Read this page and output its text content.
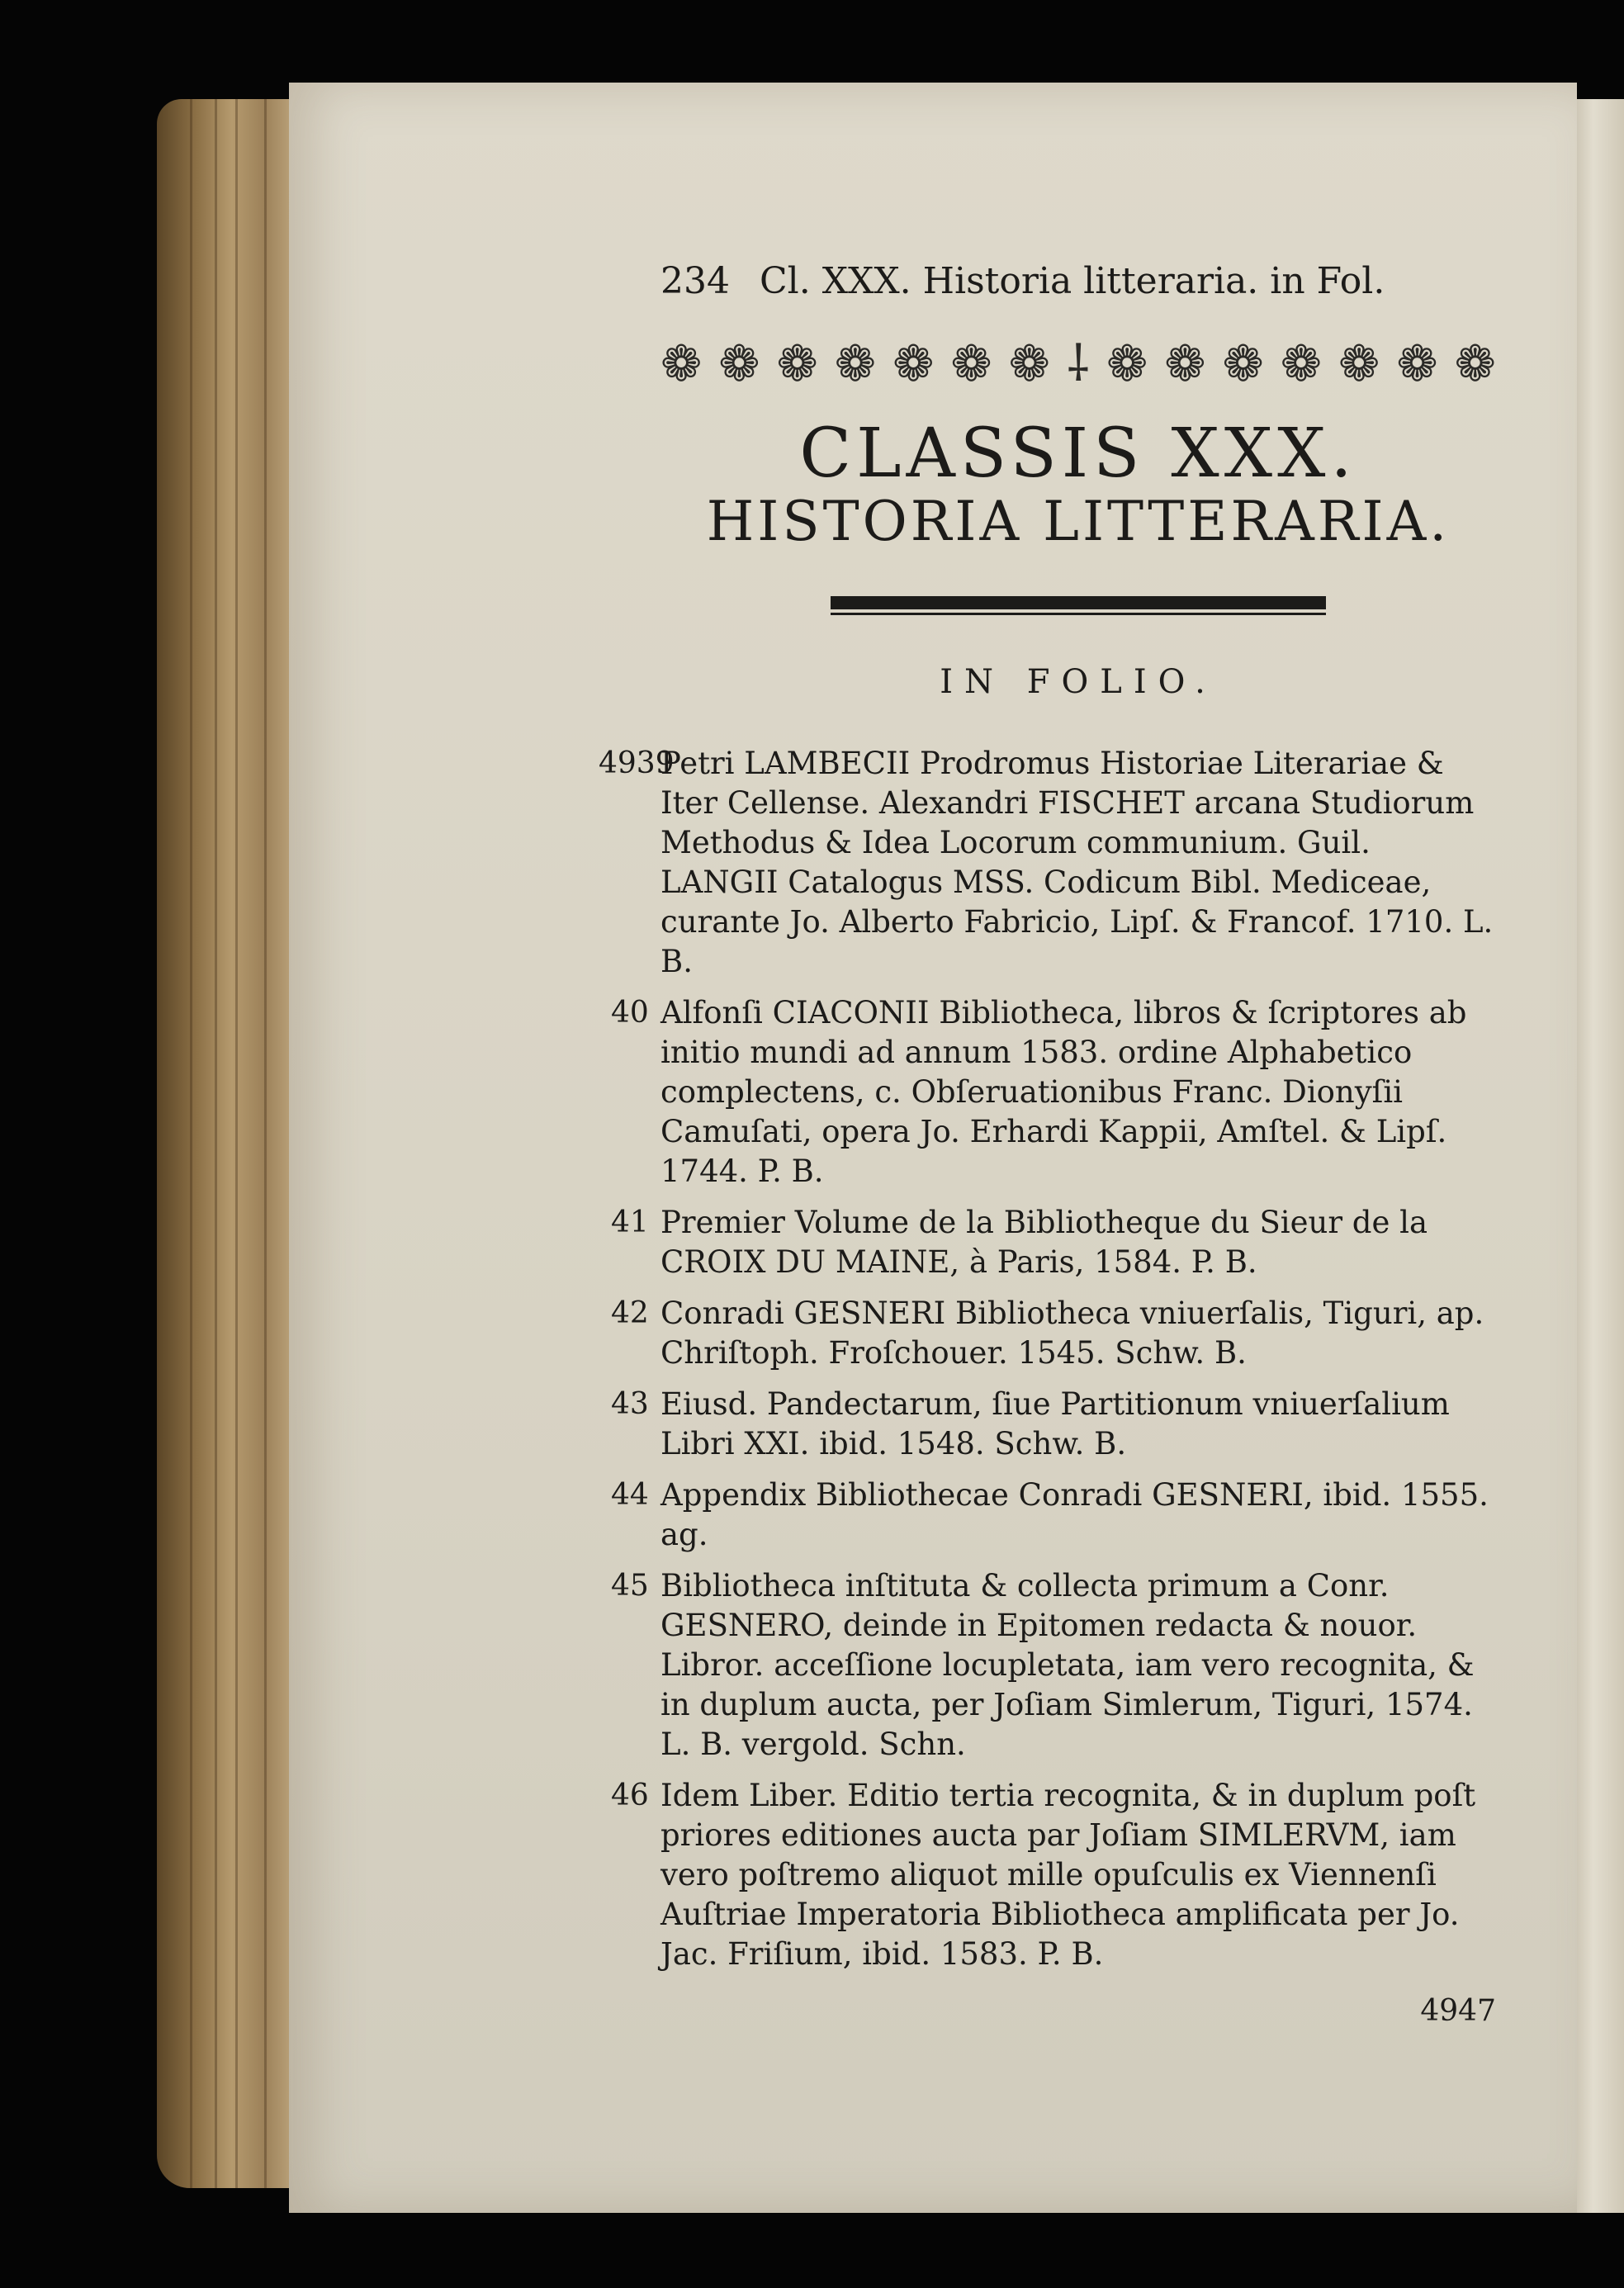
234 Cl. XXX. Historia litteraria. in Fol.
❁ ❁ ❁ ❁ ❁ ❁ ❁ ⸸ ❁ ❁ ❁ ❁ ❁ ❁ ❁
CLASSIS XXX.
HISTORIA LITTERARIA.
IN FOLIO.
4939
Petri LAMBECII Prodromus Historiae Literariae & Iter Cellense. Alexandri FISCHET arcana Studiorum Methodus & Idea Locorum communium. Guil. LANGII Catalogus MSS. Codicum Bibl. Mediceae, curante Jo. Alberto Fabricio, Lipſ. & Francof. 1710. L. B.
40 Alfonſi CIACONII Bibliotheca, libros & ſcriptores ab initio mundi ad annum 1583. ordine Alphabetico complectens, c. Obſeruationibus Franc. Dionyſii Camuſati, opera Jo. Erhardi Kappii, Amſtel. & Lipſ. 1744. P. B.
41 Premier Volume de la Bibliotheque du Sieur de la CROIX DU MAINE, à Paris, 1584. P. B.
42 Conradi GESNERI Bibliotheca vniuerſalis, Tiguri, ap. Chriſtoph. Froſchouer. 1545. Schw. B.
43 Eiusd. Pandectarum, ſiue Partitionum vniuerſalium Libri XXI. ibid. 1548. Schw. B.
44 Appendix Bibliothecae Conradi GESNERI, ibid. 1555. ag.
45 Bibliotheca inſtituta & collecta primum a Conr. GESNERO, deinde in Epitomen redacta & nouor. Libror. acceſſione locupletata, iam vero recognita, & in duplum aucta, per Joſiam Simlerum, Tiguri, 1574. L. B. vergold. Schn.
46 Idem Liber. Editio tertia recognita, & in duplum poſt priores editiones aucta par Joſiam SIMLERVM, iam vero poſtremo aliquot mille opuſculis ex Viennenſi Auſtriae Imperatoria Bibliotheca amplificata per Jo. Jac. Friſium, ibid. 1583. P. B.
4947
